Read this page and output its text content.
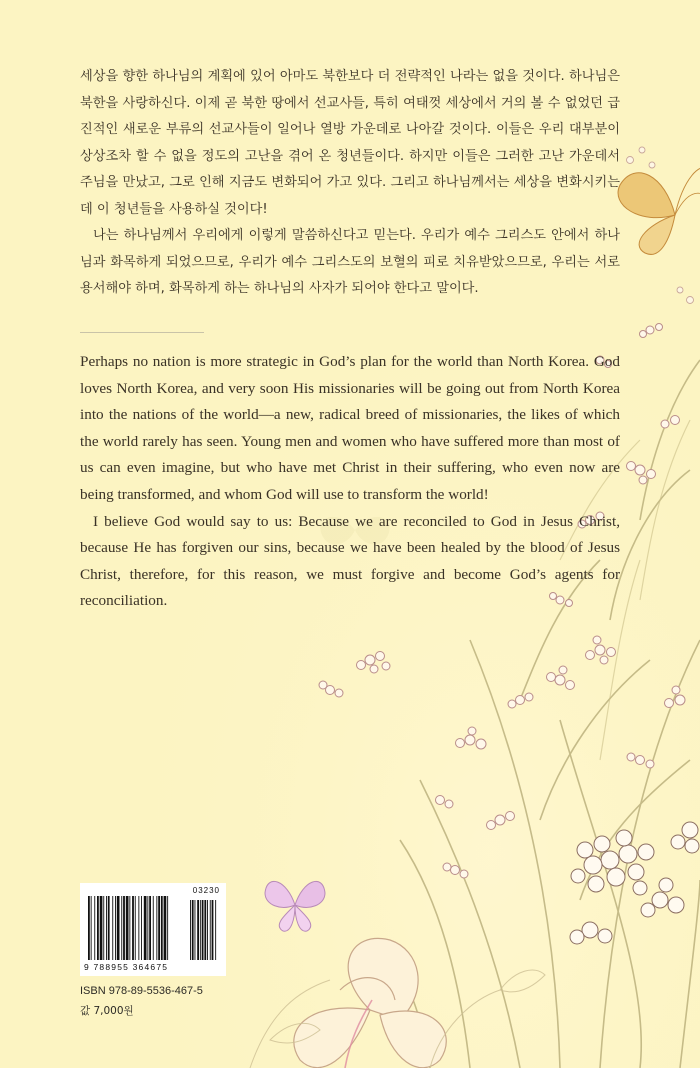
세상을 향한 하나님의 계획에 있어 아마도 북한보다 더 전략적인 나라는 없을 것이다. 하나님은 북한을 사랑하신다. 이제 곧 북한 땅에서 선교사들, 특히 여태껏 세상에서 거의 볼 수 없었던 급진적인 새로운 부류의 선교사들이 일어나 열방 가운데로 나아갈 것이다. 이들은 우리 대부분이 상상조차 할 수 없을 정도의 고난을 겪어 온 청년들이다. 하지만 이들은 그러한 고난 가운데서 주님을 만났고, 그로 인해 지금도 변화되어 가고 있다. 그리고 하나님께서는 세상을 변화시키는 데 이 청년들을 사용하실 것이다!

나는 하나님께서 우리에게 이렇게 말씀하신다고 믿는다. 우리가 예수 그리스도 안에서 하나님과 화목하게 되었으므로, 우리가 예수 그리스도의 보혈의 피로 치유받았으므로, 우리는 서로 용서해야 하며, 화목하게 하는 하나님의 사자가 되어야 한다고 말이다.

Perhaps no nation is more strategic in God’s plan for the world than North Korea. God loves North Korea, and very soon His missionaries will be going out from North Korea into the nations of the world—a new, radical breed of missionaries, the likes of which the world rarely has seen. Young men and women who have suffered more than most of us can even imagine, but who have met Christ in their suffering, who even now are being transformed, and whom God will use to transform the world!

I believe God would say to us: Because we are reconciled to God in Jesus Christ, because He has forgiven our sins, because we have been healed by the blood of Jesus Christ, therefore, for this reason, we must forgive and become God’s agents for reconciliation.

03230
9 788955 364675
ISBN 978-89-5536-467-5
값 7,000원
